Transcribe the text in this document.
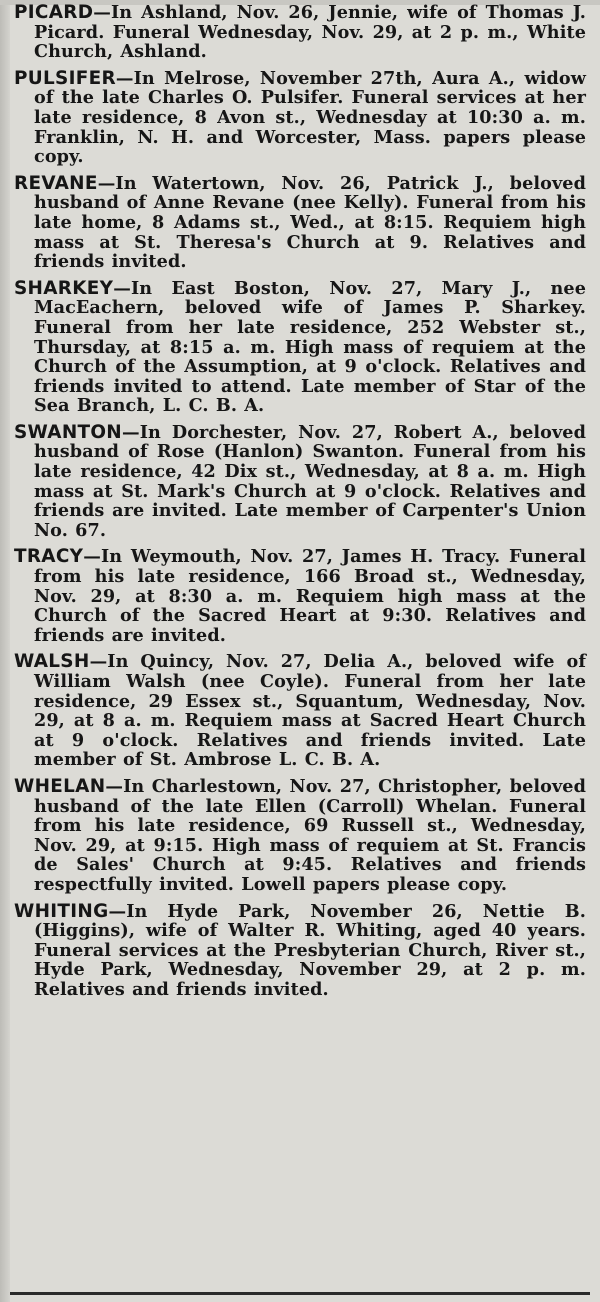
PICARD—In Ashland, Nov. 26, Jennie, wife of Thomas J. Picard. Funeral Wednesday, Nov. 29, at 2 p. m., White Church, Ashland.

PULSIFER—In Melrose, November 27th, Aura A., widow of the late Charles O. Pulsifer. Funeral services at her late residence, 8 Avon st., Wednesday at 10:30 a. m. Franklin, N. H. and Worcester, Mass. papers please copy.

REVANE—In Watertown, Nov. 26, Patrick J., beloved husband of Anne Revane (nee Kelly). Funeral from his late home, 8 Adams st., Wed., at 8:15. Requiem high mass at St. Theresa's Church at 9. Relatives and friends invited.

SHARKEY—In East Boston, Nov. 27, Mary J., nee MacEachern, beloved wife of James P. Sharkey. Funeral from her late residence, 252 Webster st., Thursday, at 8:15 a. m. High mass of requiem at the Church of the Assumption, at 9 o'clock. Relatives and friends invited to attend. Late member of Star of the Sea Branch, L. C. B. A.

SWANTON—In Dorchester, Nov. 27, Robert A., beloved husband of Rose (Hanlon) Swanton. Funeral from his late residence, 42 Dix st., Wednesday, at 8 a. m. High mass at St. Mark's Church at 9 o'clock. Relatives and friends are invited. Late member of Carpenter's Union No. 67.

TRACY—In Weymouth, Nov. 27, James H. Tracy. Funeral from his late residence, 166 Broad st., Wednesday, Nov. 29, at 8:30 a. m. Requiem high mass at the Church of the Sacred Heart at 9:30. Relatives and friends are invited.

WALSH—In Quincy, Nov. 27, Delia A., beloved wife of William Walsh (nee Coyle). Funeral from her late residence, 29 Essex st., Squantum, Wednesday, Nov. 29, at 8 a. m. Requiem mass at Sacred Heart Church at 9 o'clock. Relatives and friends invited. Late member of St. Ambrose L. C. B. A.

WHELAN—In Charlestown, Nov. 27, Christopher, beloved husband of the late Ellen (Carroll) Whelan. Funeral from his late residence, 69 Russell st., Wednesday, Nov. 29, at 9:15. High mass of requiem at St. Francis de Sales' Church at 9:45. Relatives and friends respectfully invited. Lowell papers please copy.

WHITING—In Hyde Park, November 26, Nettie B. (Higgins), wife of Walter R. Whiting, aged 40 years. Funeral services at the Presbyterian Church, River st., Hyde Park, Wednesday, November 29, at 2 p. m. Relatives and friends invited.
